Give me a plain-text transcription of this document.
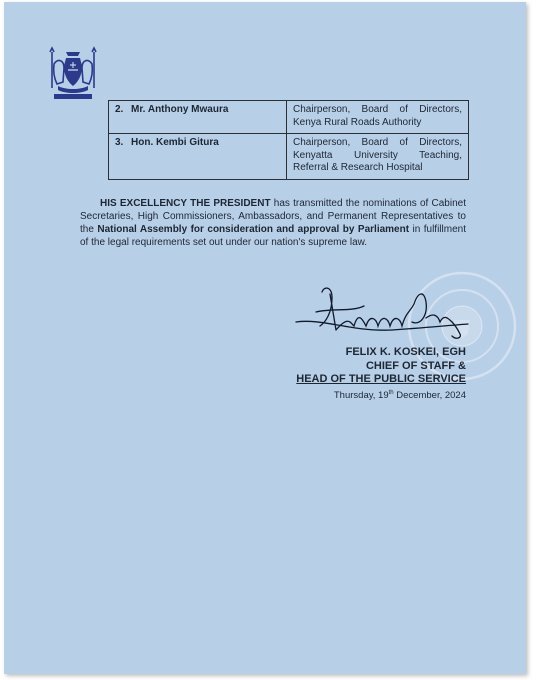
2. Mr. Anthony Mwaura	Chairperson, Board of Directors, Kenya Rural Roads Authority
3. Hon. Kembi Gitura	Chairperson, Board of Directors, Kenyatta University Teaching, Referral & Research Hospital
HIS EXCELLENCY THE PRESIDENT has transmitted the nominations of Cabinet Secretaries, High Commissioners, Ambassadors, and Permanent Representatives to the National Assembly for consideration and approval by Parliament in fulfillment of the legal requirements set out under our nation's supreme law.
FELIX K. KOSKEI, EGH
CHIEF OF STAFF &
HEAD OF THE PUBLIC SERVICE
Thursday, 19th December, 2024
